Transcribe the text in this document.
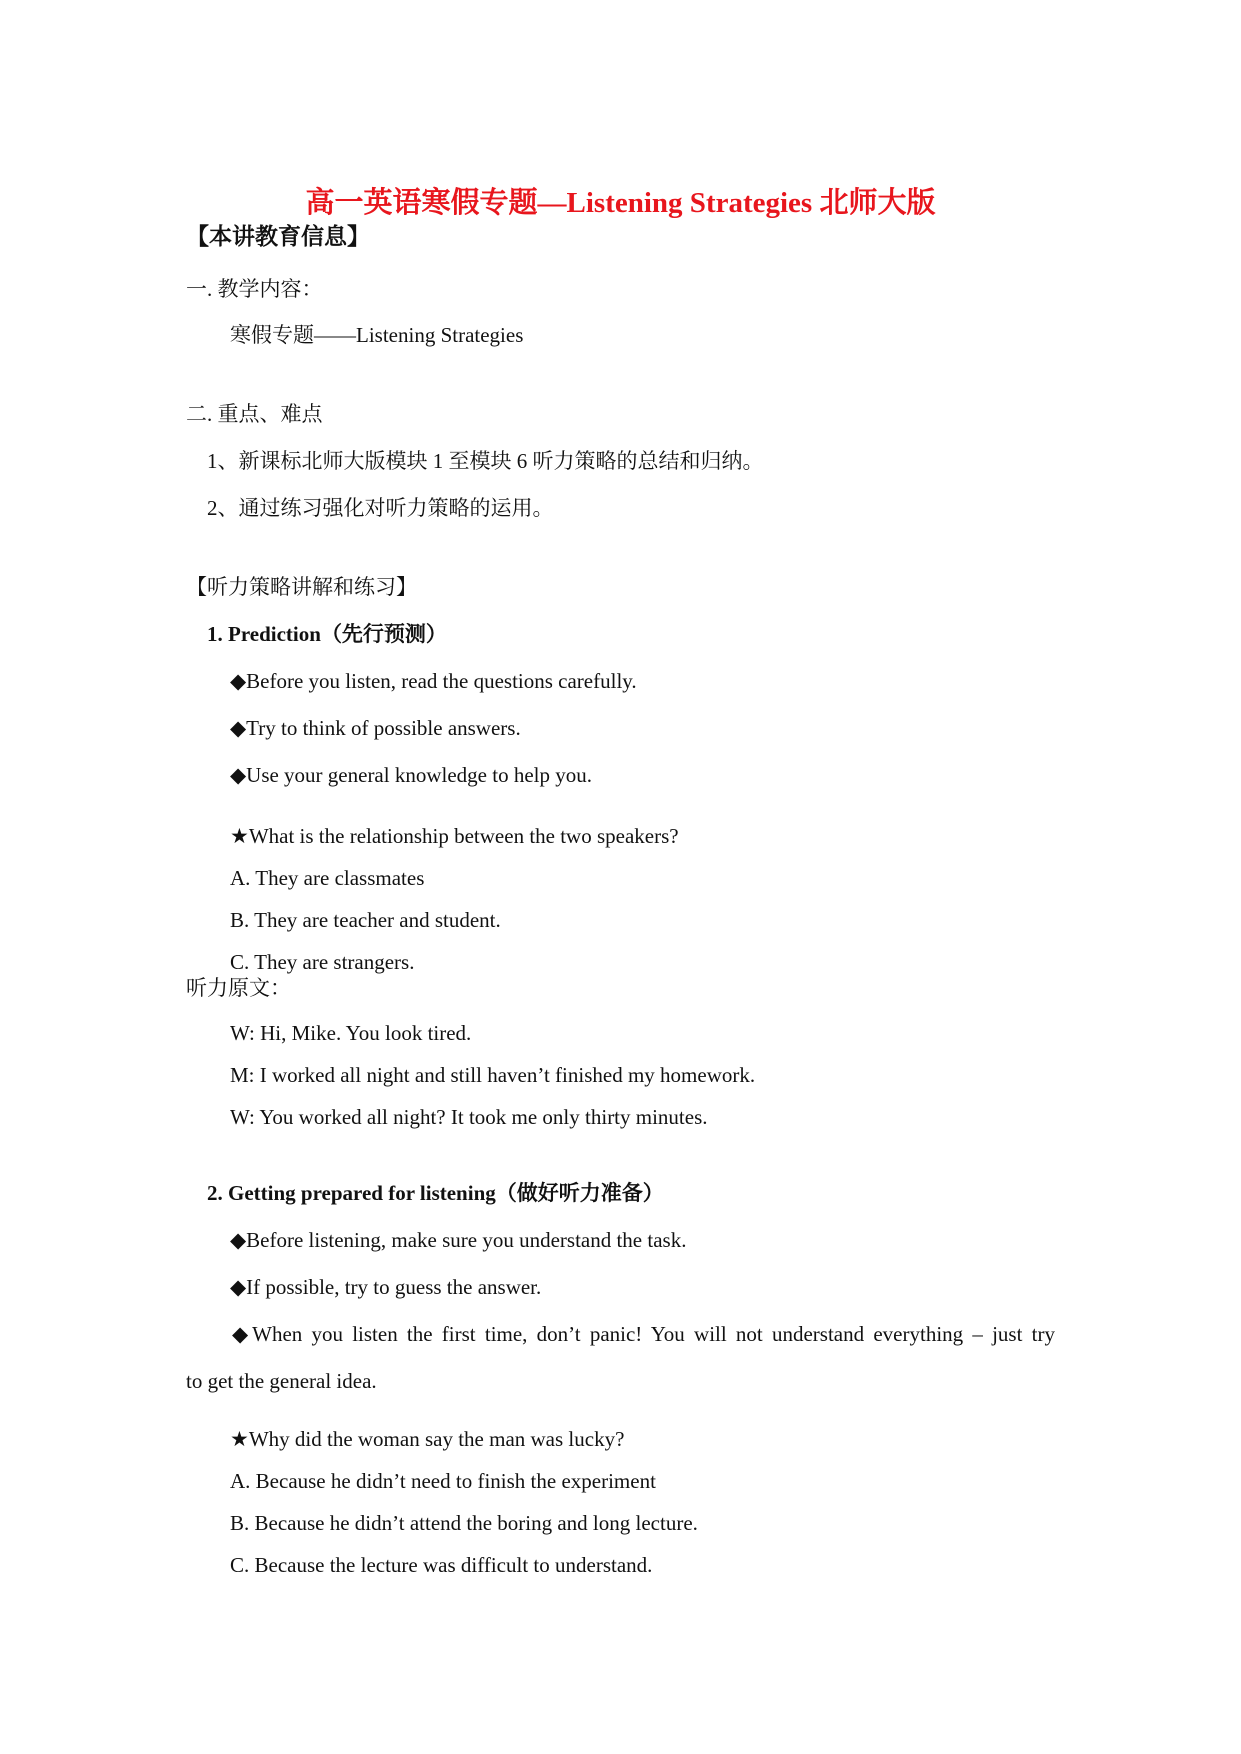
高一英语寒假专题—Listening Strategies 北师大版
【本讲教育信息】
一. 教学内容：
寒假专题——Listening Strategies
二. 重点、难点
1、新课标北师大版模块 1 至模块 6 听力策略的总结和归纳。
2、通过练习强化对听力策略的运用。
【听力策略讲解和练习】
1. Prediction（先行预测）
◆Before you listen, read the questions carefully.
◆Try to think of possible answers.
◆Use your general knowledge to help you.
★What is the relationship between the two speakers?
A. They are classmates
B. They are teacher and student.
C. They are strangers.
听力原文：
W: Hi, Mike. You look tired.
M: I worked all night and still haven’t finished my homework.
W: You worked all night? It took me only thirty minutes.
2. Getting prepared for listening（做好听力准备）
◆Before listening, make sure you understand the task.
◆If possible, try to guess the answer.
◆When you listen the first time, don’t panic! You will not understand everything – just try
to get the general idea.
★Why did the woman say the man was lucky?
A. Because he didn’t need to finish the experiment
B. Because he didn’t attend the boring and long lecture.
C. Because the lecture was difficult to understand.
